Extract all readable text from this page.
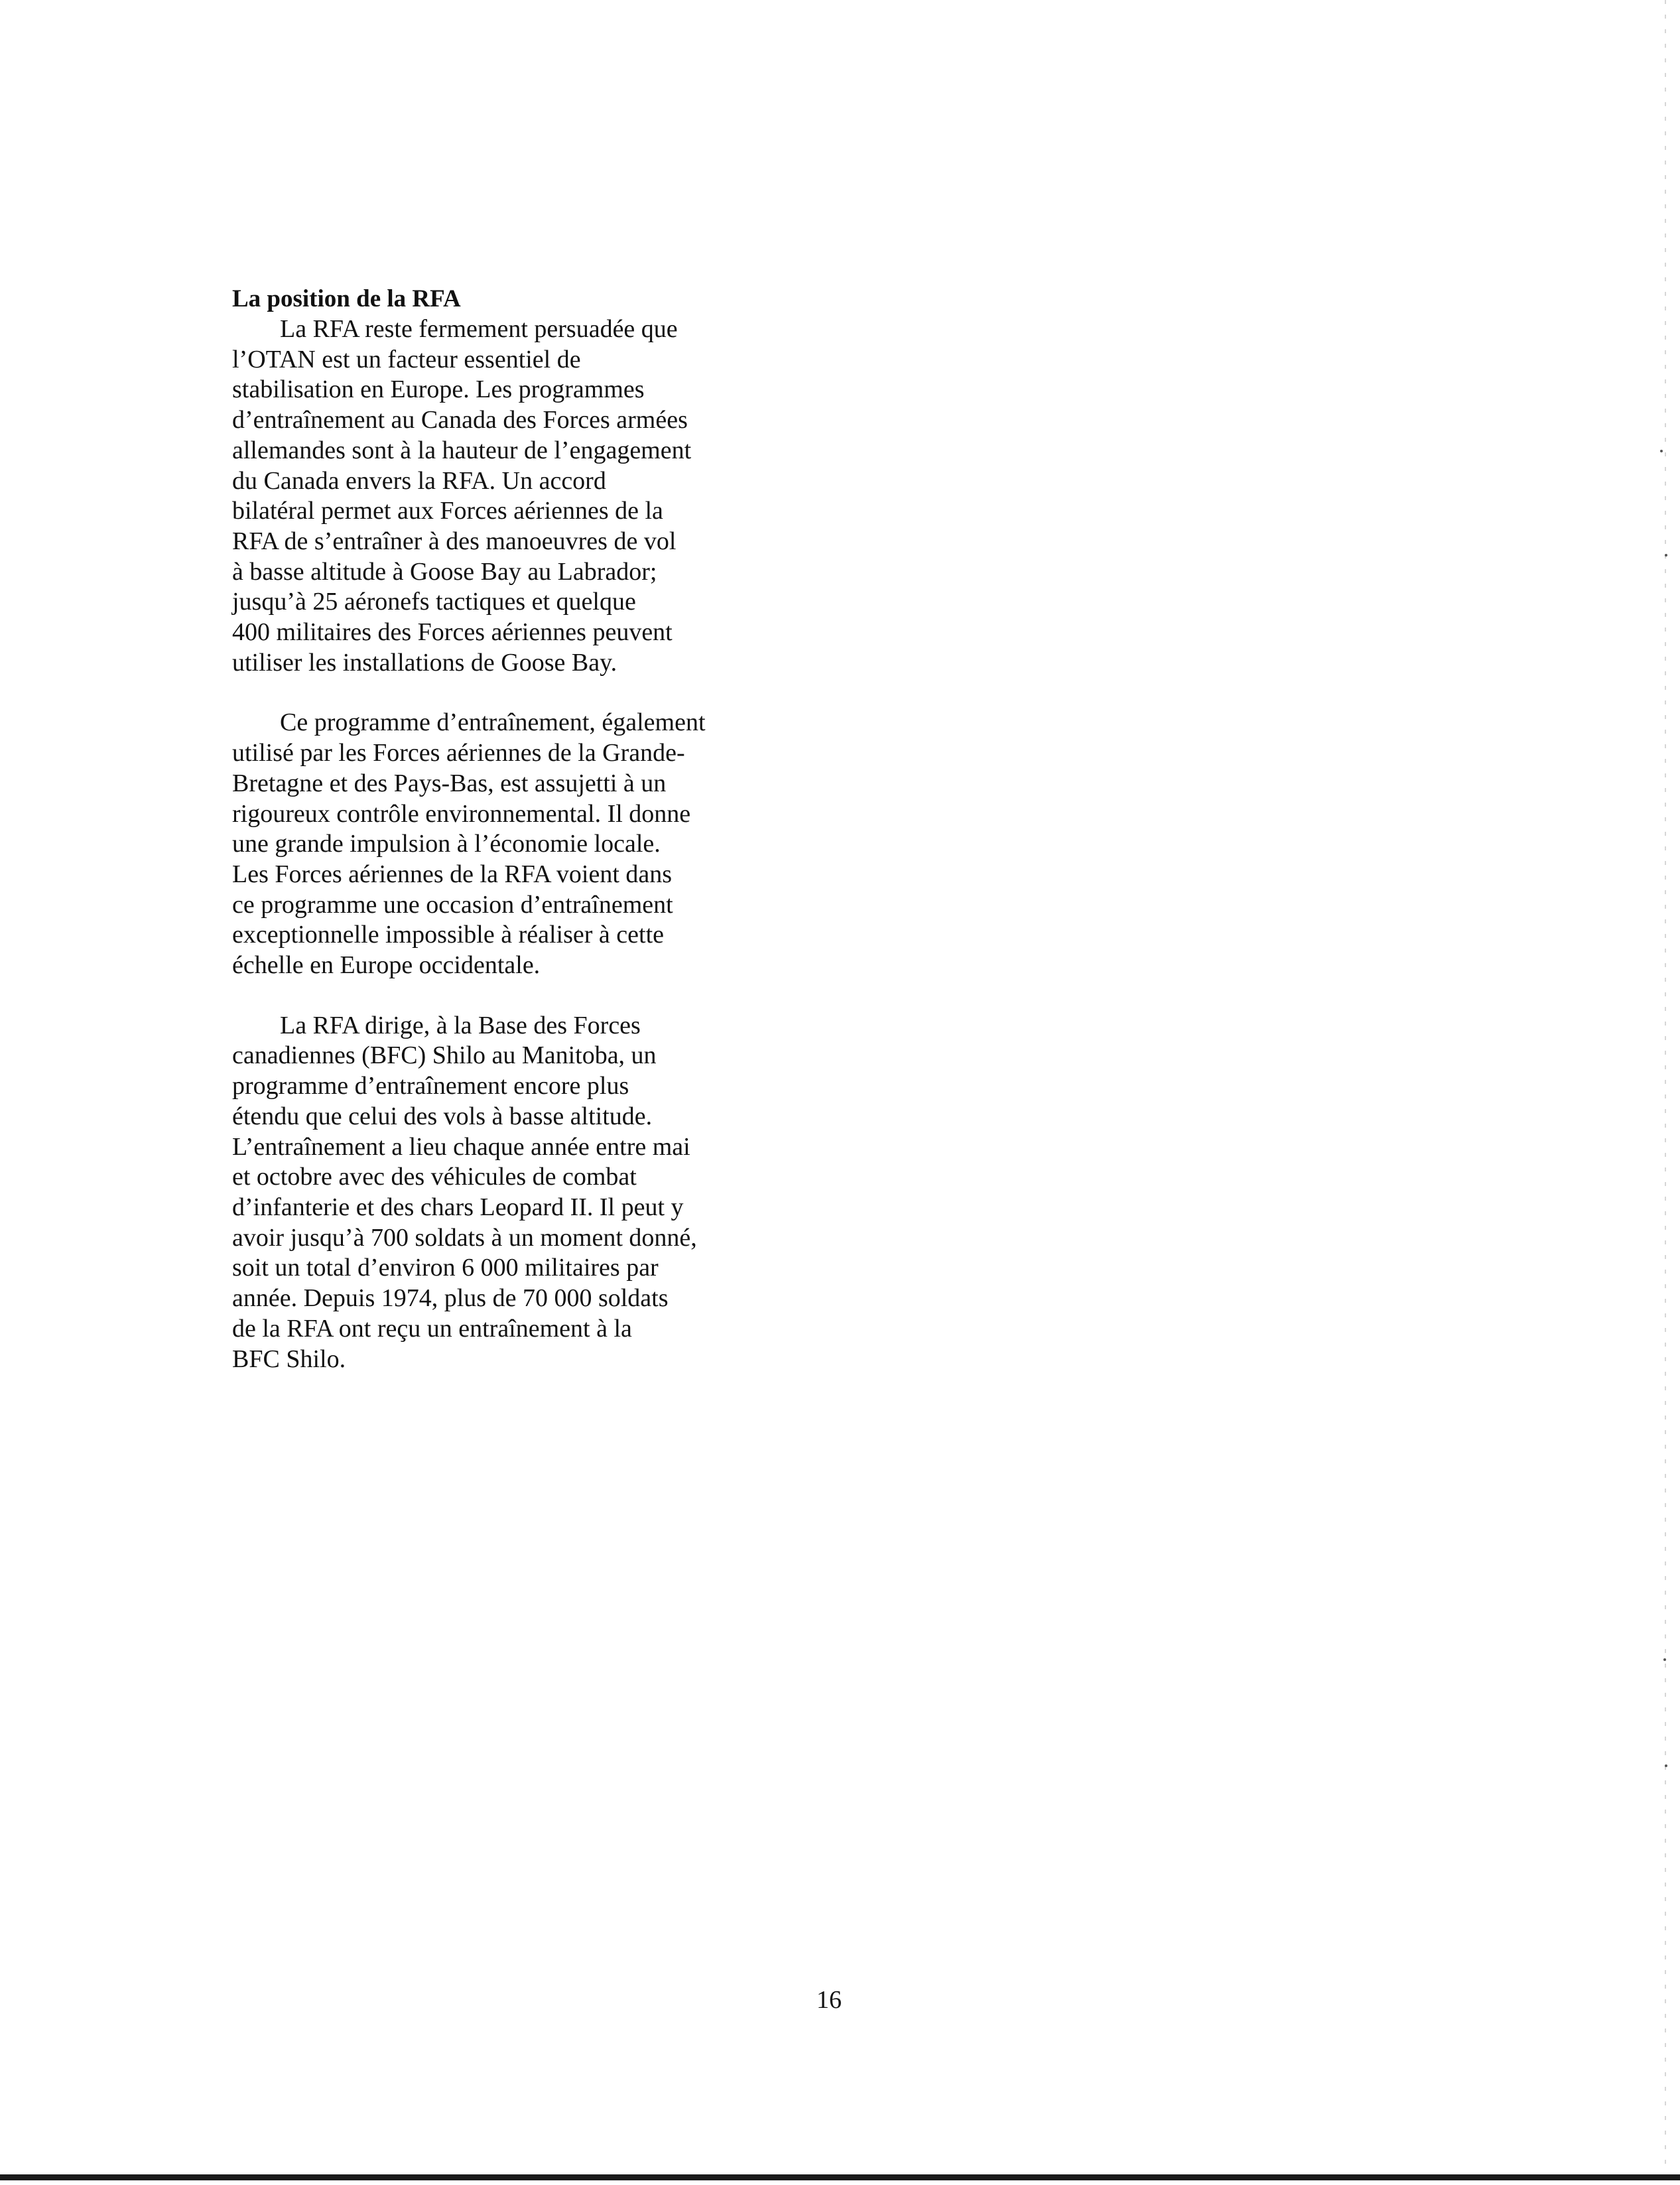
La position de la RFA
La RFA reste fermement persuadée que
l’OTAN est un facteur essentiel de
stabilisation en Europe. Les programmes
d’entraînement au Canada des Forces armées
allemandes sont à la hauteur de l’engagement
du Canada envers la RFA. Un accord
bilatéral permet aux Forces aériennes de la
RFA de s’entraîner à des manoeuvres de vol
à basse altitude à Goose Bay au Labrador;
jusqu’à 25 aéronefs tactiques et quelque
400 militaires des Forces aériennes peuvent
utiliser les installations de Goose Bay.
Ce programme d’entraînement, également
utilisé par les Forces aériennes de la Grande-
Bretagne et des Pays-Bas, est assujetti à un
rigoureux contrôle environnemental. Il donne
une grande impulsion à l’économie locale.
Les Forces aériennes de la RFA voient dans
ce programme une occasion d’entraînement
exceptionnelle impossible à réaliser à cette
échelle en Europe occidentale.
La RFA dirige, à la Base des Forces
canadiennes (BFC) Shilo au Manitoba, un
programme d’entraînement encore plus
étendu que celui des vols à basse altitude.
L’entraînement a lieu chaque année entre mai
et octobre avec des véhicules de combat
d’infanterie et des chars Leopard II. Il peut y
avoir jusqu’à 700 soldats à un moment donné,
soit un total d’environ 6 000 militaires par
année. Depuis 1974, plus de 70 000 soldats
de la RFA ont reçu un entraînement à la
BFC Shilo.
16
